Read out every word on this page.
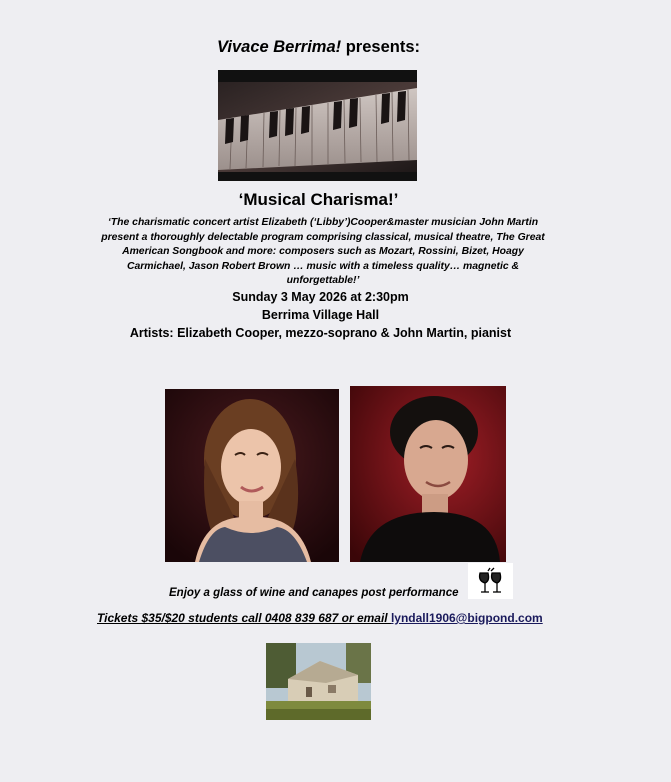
Vivace Berrima! presents:
‘Musical Charisma!’
‘The charismatic concert artist Elizabeth (‘Libby’)Cooper&master musician John Martin present a thoroughly delectable program comprising classical, musical theatre, The Great American Songbook and more: composers such as Mozart, Rossini, Bizet, Hoagy Carmichael, Jason Robert Brown … music with a timeless quality… magnetic & unforgettable!’
Sunday 3 May 2026 at 2:30pm
Berrima Village Hall
Artists: Elizabeth Cooper, mezzo-soprano & John Martin, pianist
Enjoy a glass of wine and canapes post performance
Tickets $35/$20 students call 0408 839 687 or email lyndall1906@bigpond.com
